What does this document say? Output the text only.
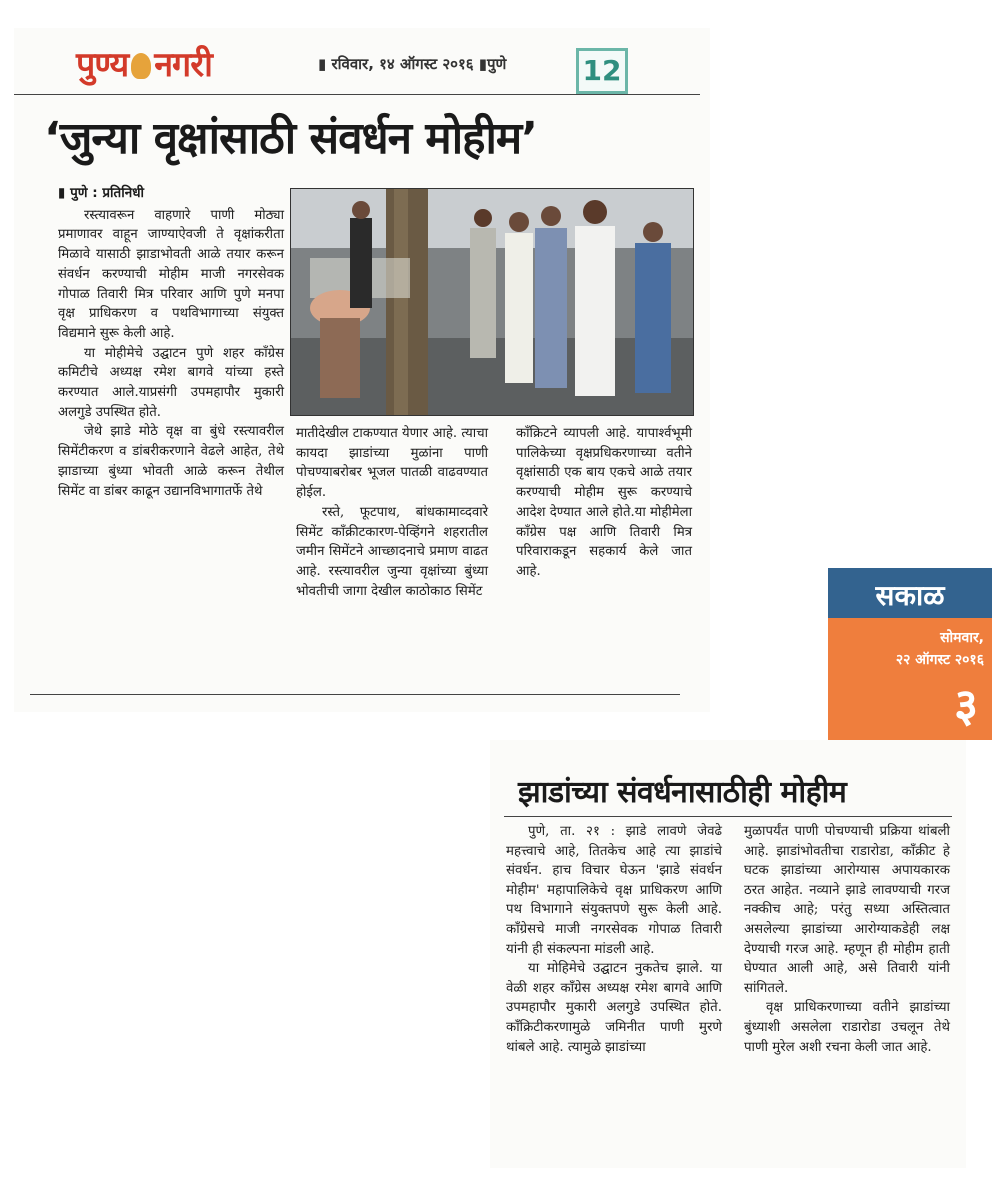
पुण्य नगरी	▮ रविवार, १४ ऑगस्ट २०१६ ▮पुणे	12
‘जुन्या वृक्षांसाठी संवर्धन मोहीम’
▮ पुणे : प्रतिनिधी

रस्त्यावरून वाहणारे पाणी मोठ्या प्रमाणावर वाहून जाण्याऐवजी ते वृक्षांकरीता मिळावे यासाठी झाडाभोवती आळे तयार करून संवर्धन करण्याची मोहीम माजी नगरसेवक गोपाळ तिवारी मित्र परिवार आणि पुणे मनपा वृक्ष प्राधिकरण व पथविभागाच्या संयुक्त विद्यमाने सुरू केली आहे.

या मोहीमेचे उद्घाटन पुणे शहर काँग्रेस कमिटीचे अध्यक्ष रमेश बागवे यांच्या हस्ते करण्यात आले.याप्रसंगी उपमहापौर मुकारी अलगुडे उपस्थित होते.

जेथे झाडे मोठे वृक्ष वा बुंधे रस्त्यावरील सिमेंटीकरण व डांबरीकरणाने वेढले आहेत, तेथे झाडाच्या बुंध्या भोवती आळे करून तेथील सिमेंट वा डांबर काढून उद्यानविभागातर्फे तेथे

मातीदेखील टाकण्यात येणार आहे. त्याचा कायदा झाडांच्या मुळांना पाणी पोचण्याबरोबर भूजल पातळी वाढवण्यात होईल.

रस्ते, फूटपाथ, बांधकामाव्दवारे सिमेंट काँक्रीटकारण-पेव्हिंगने शहरातील जमीन सिमेंटने आच्छादनाचे प्रमाण वाढत आहे. रस्त्यावरील जुन्या वृक्षांच्या बुंध्या भोवतीची जागा देखील काठोकाठ सिमेंट

काँक्रिटने व्यापली आहे. यापार्श्वभूमी पालिकेच्या वृक्षप्रधिकरणाच्या वतीने वृक्षांसाठी एक बाय एकचे आळे तयार करण्याची मोहीम सुरू करण्याचे आदेश देण्यात आले होते.या मोहीमेला काँग्रेस पक्ष आणि तिवारी मित्र परिवाराकडून सहकार्य केले जात आहे.

सकाळ
सोमवार,
२२ ऑगस्ट २०१६
३
झाडांच्या संवर्धनासाठीही मोहीम

पुणे, ता. २१ : झाडे लावणे जेवढे महत्त्वाचे आहे, तितकेच आहे त्या झाडांचे संवर्धन. हाच विचार घेऊन 'झाडे संवर्धन मोहीम' महापालिकेचे वृक्ष प्राधिकरण आणि पथ विभागाने संयुक्तपणे सुरू केली आहे. काँग्रेसचे माजी नगरसेवक गोपाळ तिवारी यांनी ही संकल्पना मांडली आहे.

या मोहिमेचे उद्घाटन नुकतेच झाले. या वेळी शहर काँग्रेस अध्यक्ष रमेश बागवे आणि उपमहापौर मुकारी अलगुडे उपस्थित होते. काँक्रिटीकरणामुळे जमिनीत पाणी मुरणे थांबले आहे. त्यामुळे झाडांच्या

मुळापर्यंत पाणी पोचण्याची प्रक्रिया थांबली आहे. झाडांभोवतीचा राडारोडा, काँक्रीट हे घटक झाडांच्या आरोग्यास अपायकारक ठरत आहेत. नव्याने झाडे लावण्याची गरज नक्कीच आहे; परंतु सध्या अस्तित्वात असलेल्या झाडांच्या आरोग्याकडेही लक्ष देण्याची गरज आहे. म्हणून ही मोहीम हाती घेण्यात आली आहे, असे तिवारी यांनी सांगितले.

वृक्ष प्राधिकरणाच्या वतीने झाडांच्या बुंध्याशी असलेला राडारोडा उचलून तेथे पाणी मुरेल अशी रचना केली जात आहे.
